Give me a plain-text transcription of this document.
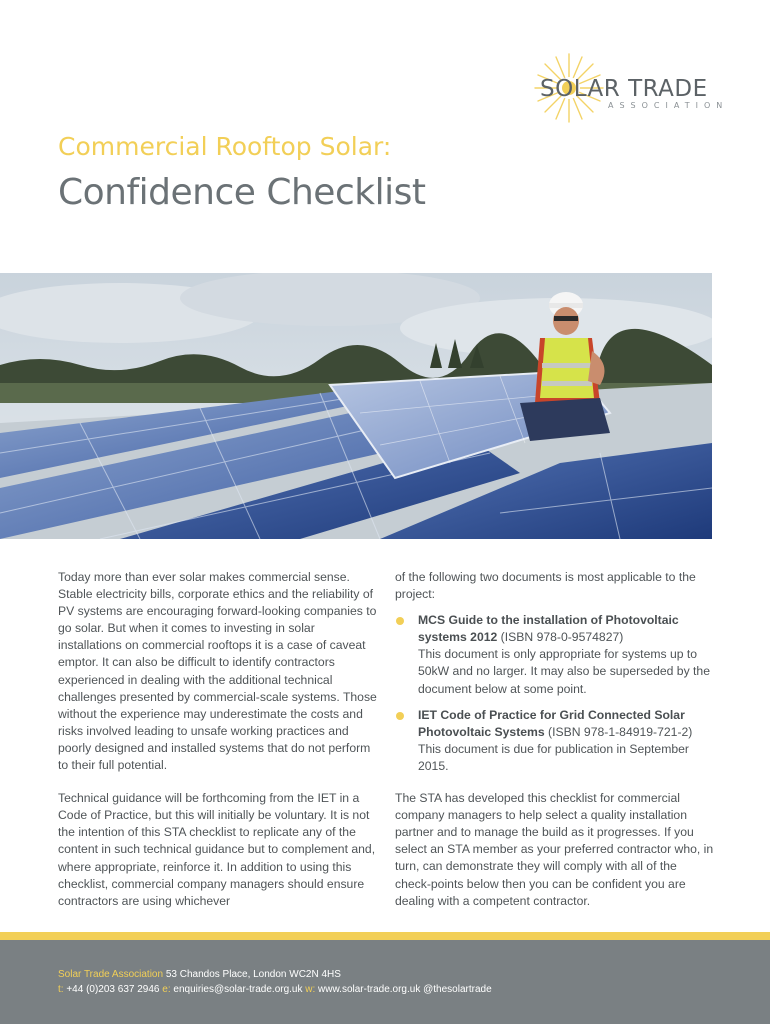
SOLAR TRADE
ASSOCIATION
Commercial Rooftop Solar:
Confidence Checklist

Today more than ever solar makes commercial sense. Stable electricity bills, corporate ethics and the reliability of PV systems are encouraging forward-looking companies to go solar. But when it comes to investing in solar installations on commercial rooftops it is a case of caveat emptor. It can also be difficult to identify contractors experienced in dealing with the additional technical challenges presented by commercial-scale systems. Those without the experience may underestimate the costs and risks involved leading to unsafe working practices and poorly designed and installed systems that do not perform to their full potential.

Technical guidance will be forthcoming from the IET in a Code of Practice, but this will initially be voluntary. It is not the intention of this STA checklist to replicate any of the content in such technical guidance but to complement and, where appropriate, reinforce it. In addition to using this checklist, commercial company managers should ensure contractors are using whichever

of the following two documents is most applicable to the project:

MCS Guide to the installation of Photovoltaic systems 2012 (ISBN 978-0-9574827)
This document is only appropriate for systems up to 50kW and no larger. It may also be superseded by the document below at some point.
IET Code of Practice for Grid Connected Solar Photovoltaic Systems (ISBN 978-1-84919-721-2)
This document is due for publication in September 2015.

The STA has developed this checklist for commercial company managers to help select a quality installation partner and to manage the build as it progresses. If you select an STA member as your preferred contractor who, in turn, can demonstrate they will comply with all of the check-points below then you can be confident you are dealing with a competent contractor.

Solar Trade Association 53 Chandos Place, London WC2N 4HS
t: +44 (0)203 637 2946 e: enquiries@solar-trade.org.uk w: www.solar-trade.org.uk @thesolartrade
